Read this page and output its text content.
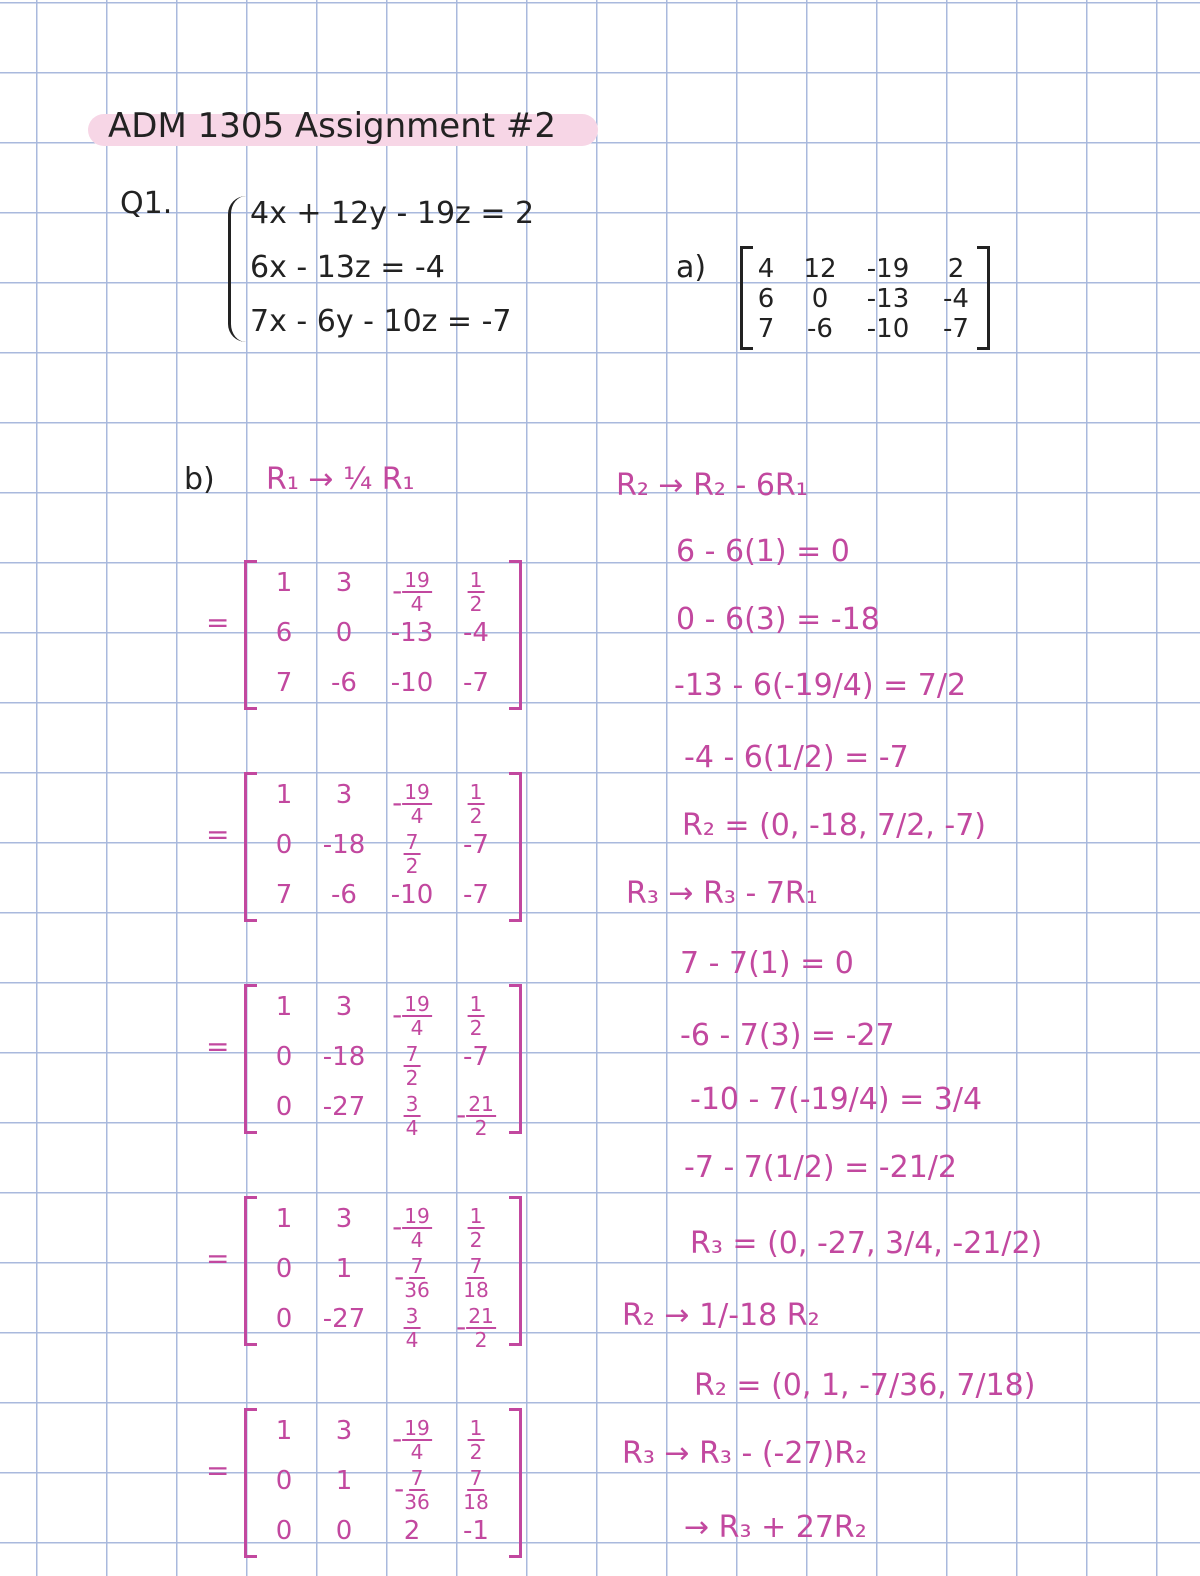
ADM 1305 Assignment #2
Q1.	4x + 12y - 19z = 2
6x - 13z = -4
7x - 6y - 10z = -7
a) 4 12 -19 2
6 0 -13 -4
7 -6 -10 -7
b) R₁ → ¼ R₁
=
1 $3 - \frac{19}{4} \frac{1}{2}$
6 0 -13 -4
7 -6 -10 -7
=
1 $3 - \frac{19}{4} \frac{1}{2}$
0 $-18 \frac{7}{2} -7$
7 -6 -10 -7
=
1 $3 - \frac{19}{4} \frac{1}{2}$
0 $-18 \frac{7}{2} -7$
0 $-27 \frac{3}{4} - \frac{21}{2}$
=
1 $3 - \frac{19}{4} \frac{1}{2}$
0 $1 - \frac{7}{36} \frac{7}{18}$
0 $-27 \frac{3}{4} - \frac{21}{2}$
=
1 $3 - \frac{19}{4} \frac{1}{2}$
0 $1 - \frac{7}{36} \frac{7}{18}$
0 0 2 -1
R₂ → R₂ - 6R₁
6 - 6(1) = 0
0 - 6(3) = -18
-13 - 6(-19/4) = 7/2
-4 - 6(1/2) = -7
R₂ = (0, -18, 7/2, -7)
R₃ → R₃ - 7R₁
7 - 7(1) = 0
-6 - 7(3) = -27
-10 - 7(-19/4) = 3/4
-7 - 7(1/2) = -21/2
R₃ = (0, -27, 3/4, -21/2)
R₂ → 1/-18 R₂
R₂ = (0, 1, -7/36, 7/18)
R₃ → R₃ - (-27)R₂
→ R₃ + 27R₂
